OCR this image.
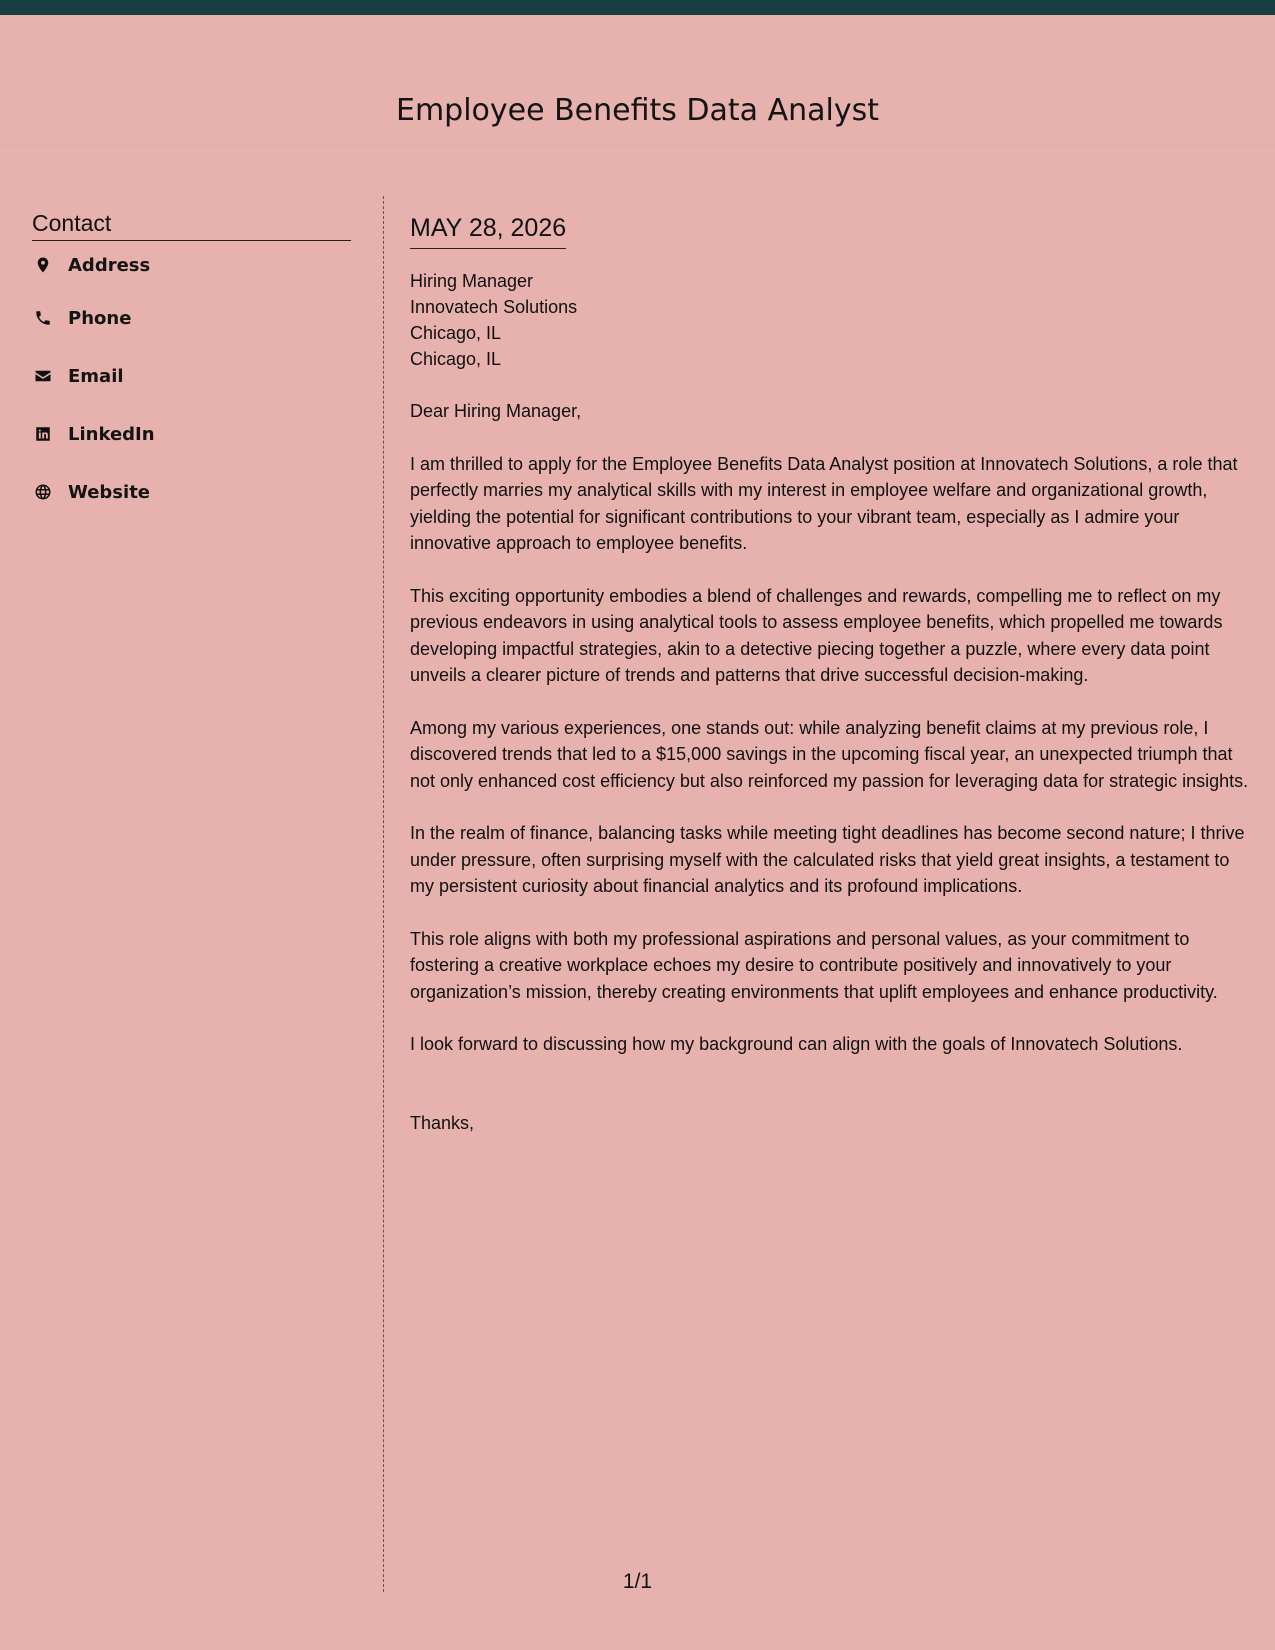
Employee Benefits Data Analyst
Contact
Address
Phone
Email
LinkedIn
Website
MAY 28, 2026
Hiring Manager
Innovatech Solutions
Chicago, IL
Chicago, IL

Dear Hiring Manager,

I am thrilled to apply for the Employee Benefits Data Analyst position at Innovatech Solutions, a role that perfectly marries my analytical skills with my interest in employee welfare and organizational growth, yielding the potential for significant contributions to your vibrant team, especially as I admire your innovative approach to employee benefits.

This exciting opportunity embodies a blend of challenges and rewards, compelling me to reflect on my previous endeavors in using analytical tools to assess employee benefits, which propelled me towards developing impactful strategies, akin to a detective piecing together a puzzle, where every data point unveils a clearer picture of trends and patterns that drive successful decision-making.

Among my various experiences, one stands out: while analyzing benefit claims at my previous role, I discovered trends that led to a $15,000 savings in the upcoming fiscal year, an unexpected triumph that not only enhanced cost efficiency but also reinforced my passion for leveraging data for strategic insights.

In the realm of finance, balancing tasks while meeting tight deadlines has become second nature; I thrive under pressure, often surprising myself with the calculated risks that yield great insights, a testament to my persistent curiosity about financial analytics and its profound implications.

This role aligns with both my professional aspirations and personal values, as your commitment to fostering a creative workplace echoes my desire to contribute positively and innovatively to your organization’s mission, thereby creating environments that uplift employees and enhance productivity.

I look forward to discussing how my background can align with the goals of Innovatech Solutions.

Thanks,

1/1
